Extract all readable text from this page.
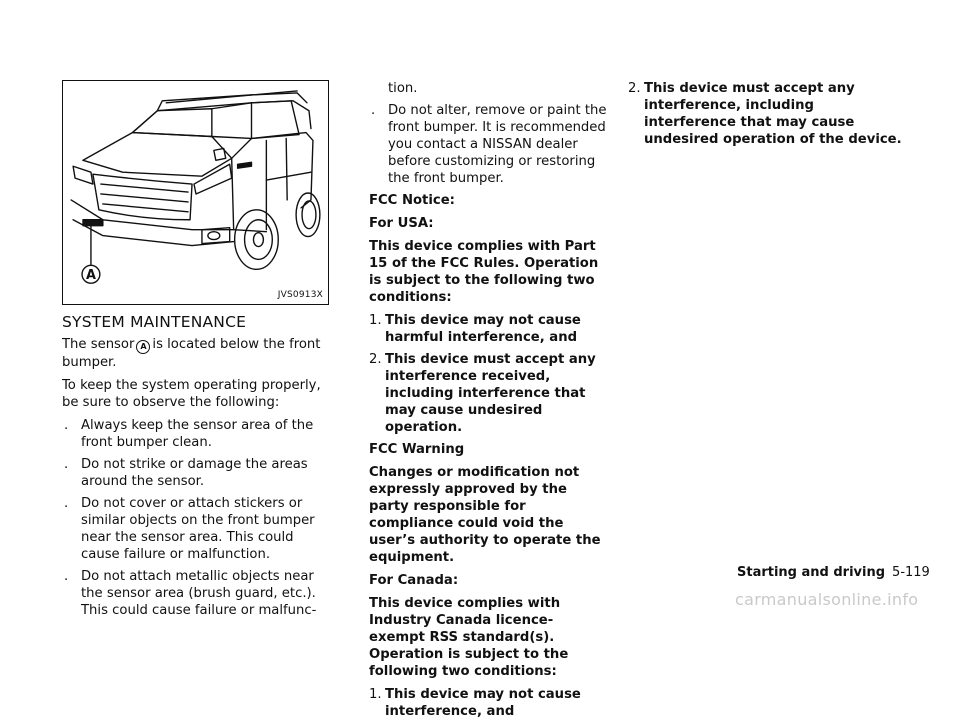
A
JVS0913X
SYSTEM MAINTENANCE

The sensor A is located below the front bumper.

To keep the system operating properly, be sure to observe the following:

. Always keep the sensor area of the front bumper clean.
. Do not strike or damage the areas around the sensor.
. Do not cover or attach stickers or similar objects on the front bumper near the sensor area. This could cause failure or malfunction.
. Do not attach metallic objects near the sensor area (brush guard, etc.). This could cause failure or malfunc-
tion.
. Do not alter, remove or paint the front bumper. It is recommended you contact a NISSAN dealer before customizing or restoring the front bumper.

FCC Notice:

For USA:

This device complies with Part 15 of the FCC Rules. Operation is subject to the following two conditions:

1. This device may not cause harmful interference, and
2. This device must accept any interference received, including interference that may cause undesired operation.

FCC Warning

Changes or modification not expressly approved by the party responsible for compliance could void the user’s authority to operate the equipment.

For Canada:

This device complies with Industry Canada licence-exempt RSS standard(s). Operation is subject to the following two conditions:

1. This device may not cause interference, and
2. This device must accept any interference, including interference that may cause undesired operation of the device.
Starting and driving 5-119
carmanualsonline.info
